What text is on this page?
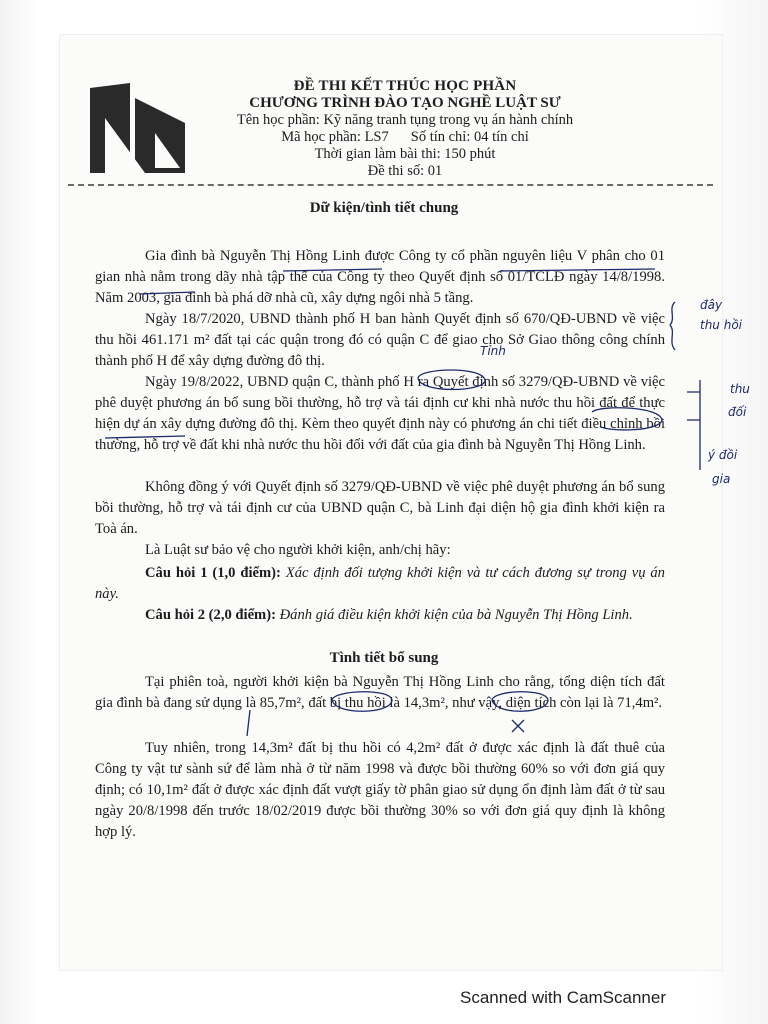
ĐỀ THI KẾT THÚC HỌC PHẦN
CHƯƠNG TRÌNH ĐÀO TẠO NGHỀ LUẬT SƯ
Tên học phần: Kỹ năng tranh tụng trong vụ án hành chính
Mã học phần: LS7 Số tín chỉ: 04 tín chỉ
Thời gian làm bài thi: 150 phút
Đề thi số: 01
Dữ kiện/tình tiết chung
Gia đình bà Nguyễn Thị Hồng Linh được Công ty cổ phần nguyên liệu V phân cho 01 gian nhà nằm trong dãy nhà tập thể của Công ty theo Quyết định số 01/TCLĐ ngày 14/8/1998. Năm 2003, gia đình bà phá dỡ nhà cũ, xây dựng ngôi nhà 5 tầng.
Ngày 18/7/2020, UBND thành phố H ban hành Quyết định số 670/QĐ-UBND về việc thu hồi 461.171 m² đất tại các quận trong đó có quận C để giao cho Sở Giao thông công chính thành phố H để xây dựng đường đô thị.
Ngày 19/8/2022, UBND quận C, thành phố H ra Quyết định số 3279/QĐ-UBND về việc phê duyệt phương án bổ sung bồi thường, hỗ trợ và tái định cư khi nhà nước thu hồi đất để thực hiện dự án xây dựng đường đô thị. Kèm theo quyết định này có phương án chi tiết điều chỉnh bồi thường, hỗ trợ về đất khi nhà nước thu hồi đối với đất của gia đình bà Nguyễn Thị Hồng Linh.
Không đồng ý với Quyết định số 3279/QĐ-UBND về việc phê duyệt phương án bổ sung bồi thường, hỗ trợ và tái định cư của UBND quận C, bà Linh đại diện hộ gia đình khởi kiện ra Toà án.
Là Luật sư bảo vệ cho người khởi kiện, anh/chị hãy:
Câu hỏi 1 (1,0 điểm): Xác định đối tượng khởi kiện và tư cách đương sự trong vụ án này.
Câu hỏi 2 (2,0 điểm): Đánh giá điều kiện khởi kiện của bà Nguyễn Thị Hồng Linh.
Tình tiết bổ sung
Tại phiên toà, người khởi kiện bà Nguyễn Thị Hồng Linh cho rằng, tổng diện tích đất gia đình bà đang sử dụng là 85,7m², đất bị thu hồi là 14,3m², như vậy, diện tích còn lại là 71,4m².
Tuy nhiên, trong 14,3m² đất bị thu hồi có 4,2m² đất ở được xác định là đất thuê của Công ty vật tư sành sứ để làm nhà ở từ năm 1998 và được bồi thường 60% so với đơn giá quy định; có 10,1m² đất ở được xác định đất vượt giấy tờ phân giao sử dụng ổn định làm đất ở từ sau ngày 20/8/1998 đến trước 18/02/2019 được bồi thường 30% so với đơn giá quy định là không hợp lý.
Tỉnh
đây
thu hồi
thu
đối
ý đồi
gia
Scanned with CamScanner
